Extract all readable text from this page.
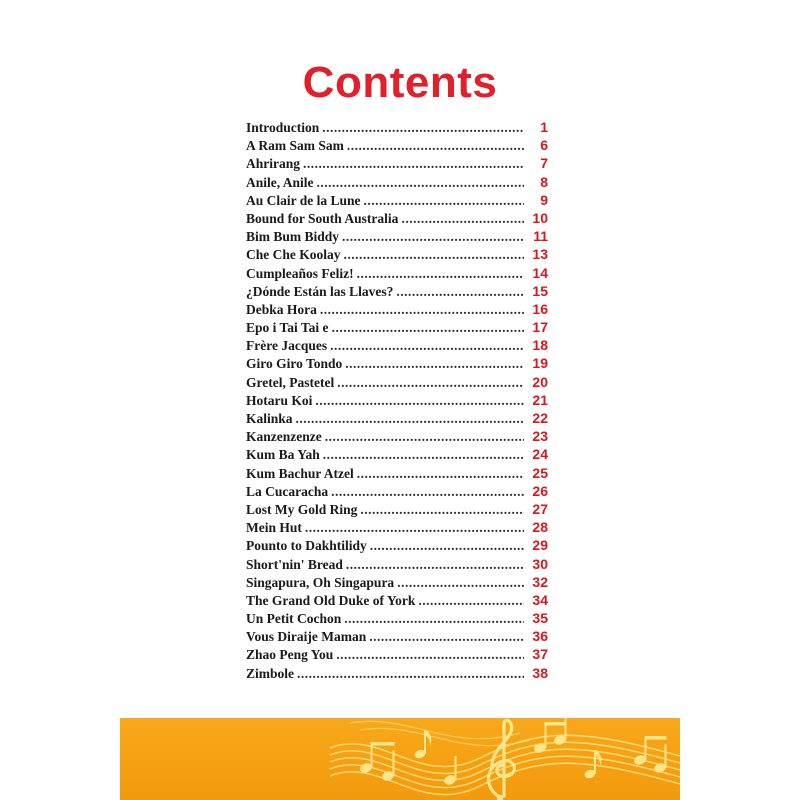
Contents
Introduction .....	1
A Ram Sam Sam .....	6
Ahrirang .....	7
Anile, Anile .....	8
Au Clair de la Lune .....	9
Bound for South Australia .....	10
Bim Bum Biddy .....	11
Che Che Koolay .....	13
Cumpleaños Feliz! .....	14
¿Dónde Están las Llaves? .....	15
Debka Hora .....	16
Epo i Tai Tai e .....	17
Frère Jacques .....	18
Giro Giro Tondo .....	19
Gretel, Pastetel .....	20
Hotaru Koi .....	21
Kalinka .....	22
Kanzenzenze .....	23
Kum Ba Yah .....	24
Kum Bachur Atzel .....	25
La Cucaracha .....	26
Lost My Gold Ring .....	27
Mein Hut .....	28
Pounto to Dakhtilidy .....	29
Short'nin' Bread .....	30
Singapura, Oh Singapura .....	32
The Grand Old Duke of York .....	34
Un Petit Cochon .....	35
Vous Diraije Maman .....	36
Zhao Peng You .....	37
Zimbole .....	38
